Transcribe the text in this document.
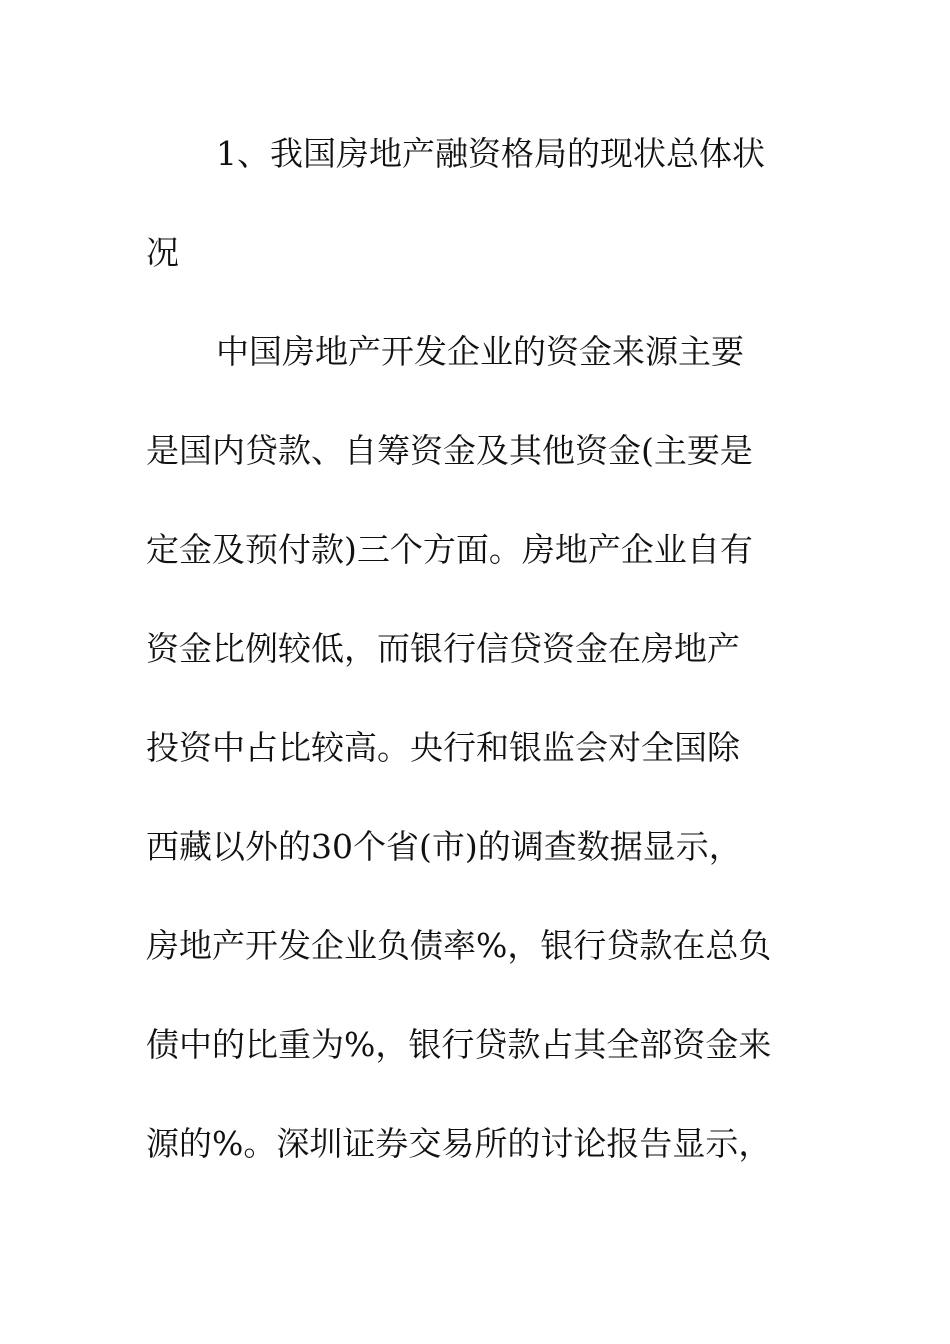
1、我国房地产融资格局的现状总体状
况
中国房地产开发企业的资金来源主要
是国内贷款、自筹资金及其他资金(主要是
定金及预付款)三个方面。房地产企业自有
资金比例较低，而银行信贷资金在房地产
投资中占比较高。央行和银监会对全国除
西藏以外的30个省(市)的调查数据显示，
房地产开发企业负债率%，银行贷款在总负
债中的比重为%，银行贷款占其全部资金来
源的%。深圳证券交易所的讨论报告显示，
